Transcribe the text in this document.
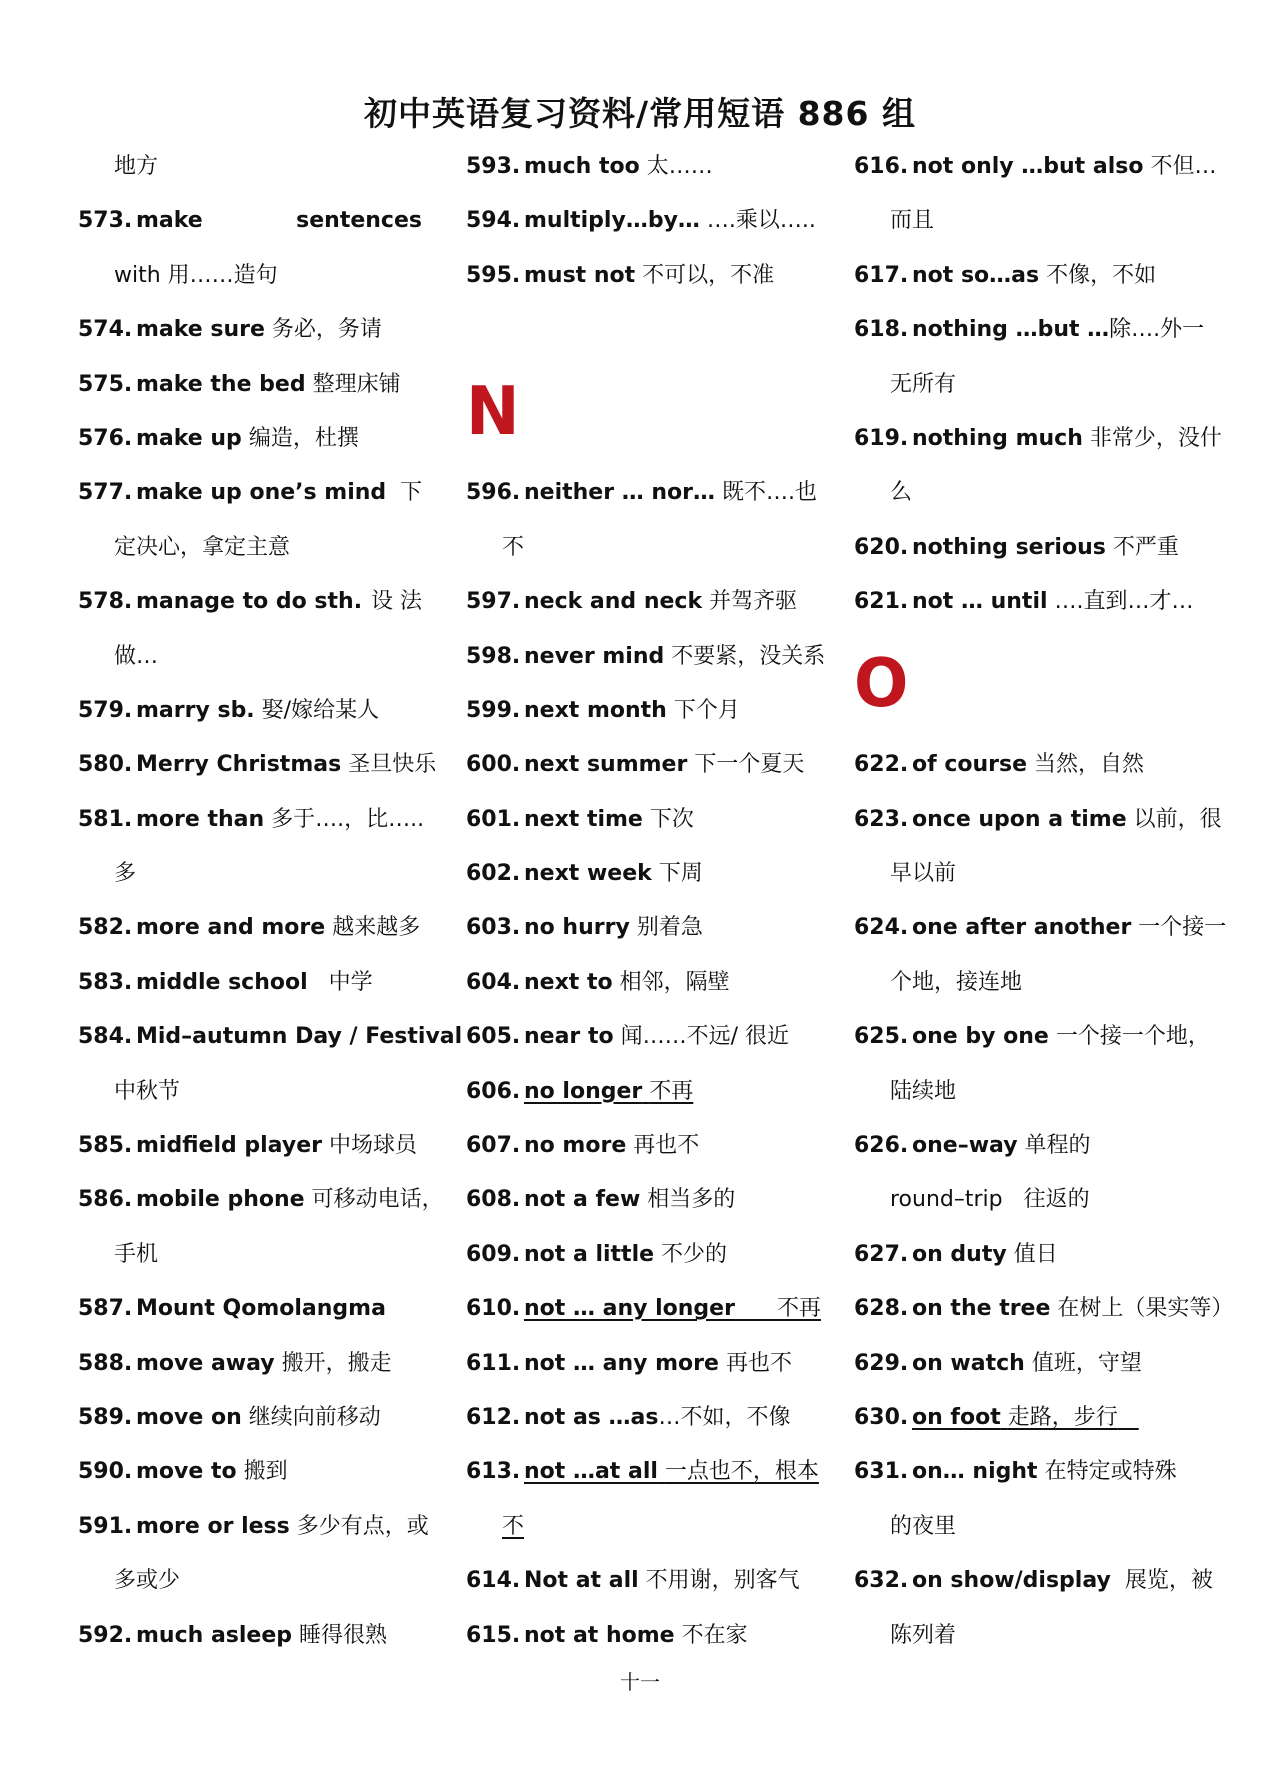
初中英语复习资料/常用短语 886 组
地方
573. make	sentences
with 用……造句
574. make sure 务必，务请
575. make the bed 整理床铺
576. make up 编造，杜撰
577. make up one’s mind 下
定决心，拿定主意
578. manage to do sth. 设 法
做…
579. marry sb. 娶/嫁给某人
580. Merry Christmas 圣旦快乐
581. more than 多于….，比…..
多
582. more and more 越来越多
583. middle school 中学
584. Mid–autumn Day / Festival
中秋节
585. midfield player 中场球员
586. mobile phone 可移动电话，
手机
587. Mount Qomolangma
588. move away 搬开，搬走
589. move on 继续向前移动
590. move to 搬到
591. more or less 多少有点，或
多或少
592. much asleep 睡得很熟
593. much too 太……
594. multiply…by… ….乘以…..
595. must not 不可以，不准
N
596. neither … nor… 既不….也
不
597. neck and neck 并驾齐驱
598. never mind 不要紧，没关系
599. next month 下个月
600. next summer 下一个夏天
601. next time 下次
602. next week 下周
603. no hurry 别着急
604. next to 相邻，隔壁
605. near to 闻……不远/ 很近
606. no longer 不再
607. no more 再也不
608. not a few 相当多的
609. not a little 不少的
610. not … any longer 不再
611. not … any more 再也不
612. not as …as…不如，不像
613. not …at all 一点也不，根本
不
614. Not at all 不用谢，别客气
615. not at home 不在家
616. not only …but also 不但…
而且
617. not so…as 不像，不如
618. nothing …but …除….外一
无所有
619. nothing much 非常少，没什
么
620. nothing serious 不严重
621. not … until ….直到…才…
O
622. of course 当然，自然
623. once upon a time 以前，很
早以前
624. one after another 一个接一
个地，接连地
625. one by one 一个接一个地，
陆续地
626. one–way 单程的
round–trip 往返的
627. on duty 值日
628. on the tree 在树上（果实等）
629. on watch 值班，守望
630. on foot 走路，步行
631. on… night 在特定或特殊
的夜里
632. on show/display 展览，被
陈列着
十一
